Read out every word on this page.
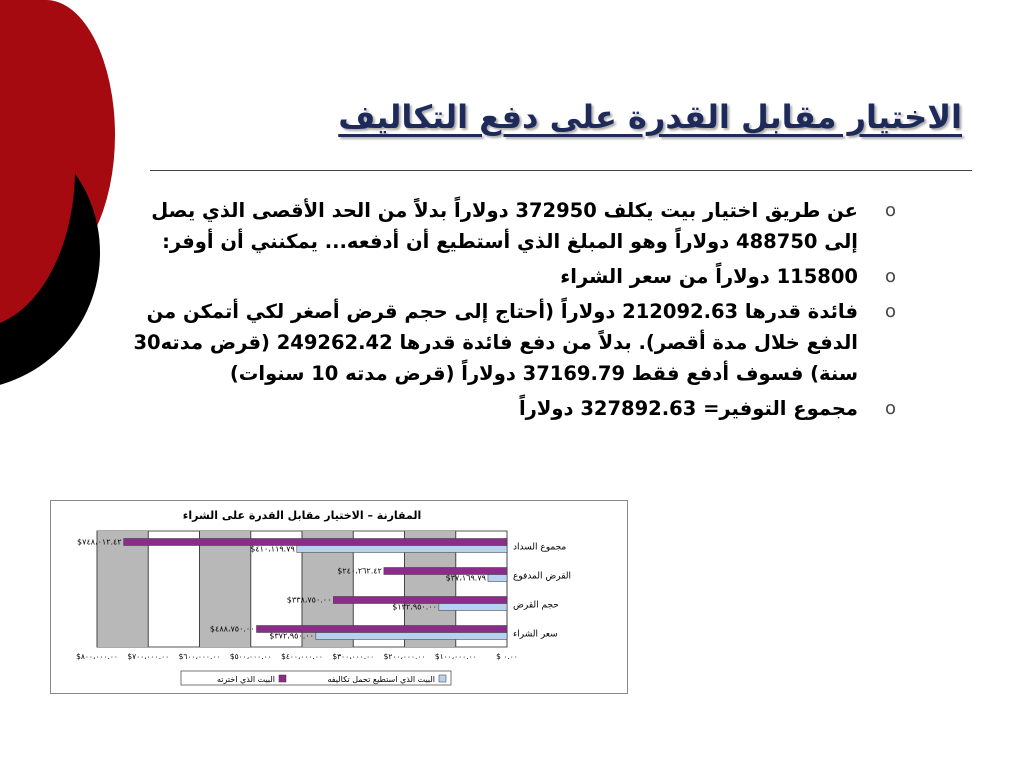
الاختيار مقابل القدرة على دفع التكاليف
o
عن طريق اختيار بيت يكلف 372950 دولاراً بدلاً من الحد الأقصى الذي يصل إلى 488750 دولاراً وهو المبلغ الذي أستطيع أن أدفعه... يمكنني أن أوفر:
o
115800 دولاراً من سعر الشراء
o
فائدة قدرها 212092.63 دولاراً (أحتاج إلى حجم قرض أصغر لكي أتمكن من الدفع خلال مدة أقصر). بدلاً من دفع فائدة قدرها 249262.42 (قرض مدته30 سنة) فسوف أدفع فقط 37169.79 دولاراً (قرض مدته 10 سنوات)
o
مجموع التوفير= 327892.63 دولاراً
المقارنة – الاختيار مقابل القدرة على الشراء
مجموع السداد
$٧٤٨،٠١٢.٤٢
$٤١٠،١١٩.٧٩
القرض المدفوع
$٢٤٠،٢٦٢.٤٢
$٣٧،١٦٩.٧٩
حجم القرض
$٣٣٨،٧٥٠.٠٠
$١٣٢،٩٥٠.٠٠
سعر الشراء
$٤٨٨،٧٥٠.٠٠
$٣٧٢،٩٥٠.٠٠
$ ٠.٠٠
$١٠٠،٠٠٠.٠٠
$٢٠٠،٠٠٠.٠٠
$٣٠٠،٠٠٠.٠٠
$٤٠٠،٠٠٠.٠٠
$٥٠٠،٠٠٠.٠٠
$٦٠٠،٠٠٠.٠٠
$٧٠٠،٠٠٠.٠٠
$٨٠٠،٠٠٠.٠٠
البيت الذي استطيع تحمل تكاليفه
البيت الذي اخترته
